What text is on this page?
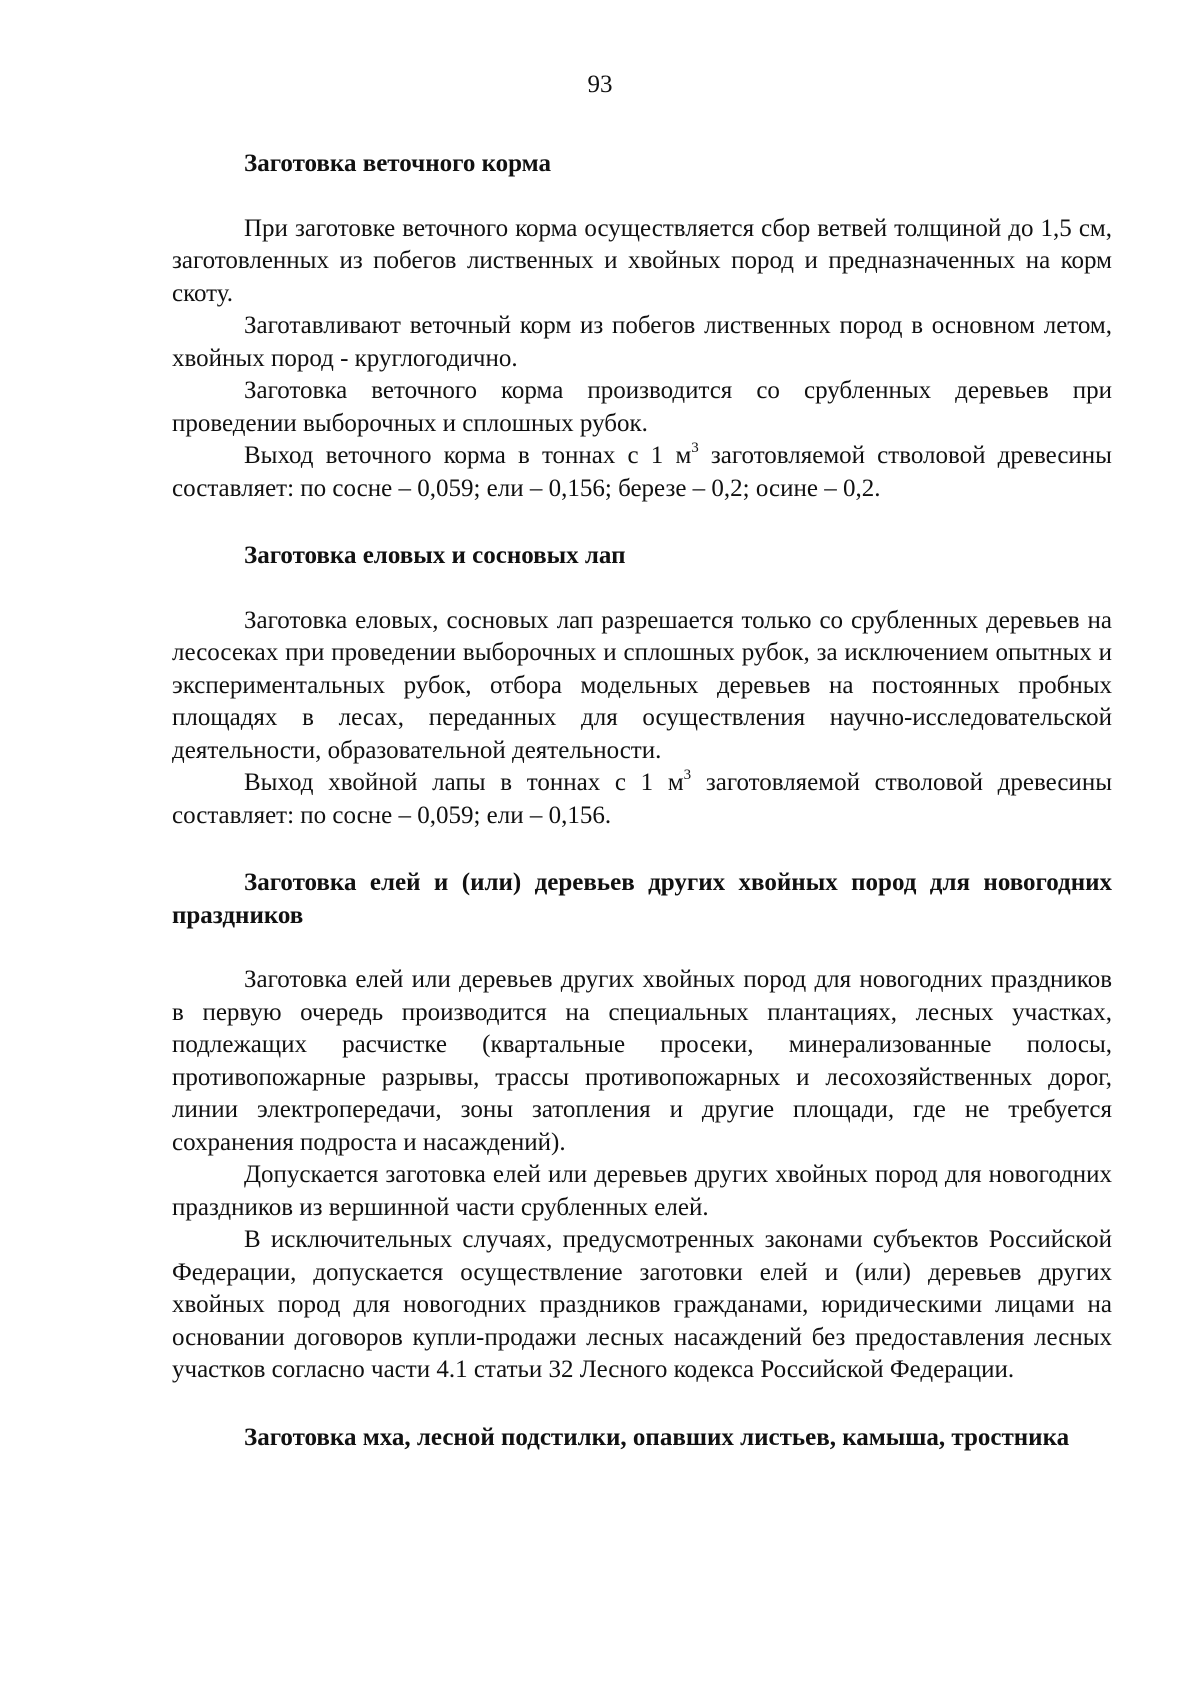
93

Заготовка веточного корма

При заготовке веточного корма осуществляется сбор ветвей толщиной до 1,5 см, заготовленных из побегов лиственных и хвойных пород и предназначенных на корм скоту.

Заготавливают веточный корм из побегов лиственных пород в основном летом, хвойных пород - круглогодично.

Заготовка веточного корма производится со срубленных деревьев при проведении выборочных и сплошных рубок.

Выход веточного корма в тоннах с 1 $м^3$ заготовляемой стволовой древесины составляет: по сосне – 0,059; ели – 0,156; березе – 0,2; осине – 0,2.

Заготовка еловых и сосновых лап

Заготовка еловых, сосновых лап разрешается только со срубленных деревьев на лесосеках при проведении выборочных и сплошных рубок, за исключением опытных и экспериментальных рубок, отбора модельных деревьев на постоянных пробных площадях в лесах, переданных для осуществления научно-исследовательской деятельности, образовательной деятельности.

Выход хвойной лапы в тоннах с 1 $м^3$ заготовляемой стволовой древесины составляет: по сосне – 0,059; ели – 0,156.

Заготовка елей и (или) деревьев других хвойных пород для новогодних праздников

Заготовка елей или деревьев других хвойных пород для новогодних праздников в первую очередь производится на специальных плантациях, лесных участках, подлежащих расчистке (квартальные просеки, минерализованные полосы, противопожарные разрывы, трассы противопожарных и лесохозяйственных дорог, линии электропередачи, зоны затопления и другие площади, где не требуется сохранения подроста и насаждений).

Допускается заготовка елей или деревьев других хвойных пород для новогодних праздников из вершинной части срубленных елей.

В исключительных случаях, предусмотренных законами субъектов Российской Федерации, допускается осуществление заготовки елей и (или) деревьев других хвойных пород для новогодних праздников гражданами, юридическими лицами на основании договоров купли-продажи лесных насаждений без предоставления лесных участков согласно части 4.1 статьи 32 Лесного кодекса Российской Федерации.

Заготовка мха, лесной подстилки, опавших листьев, камыша, тростника
